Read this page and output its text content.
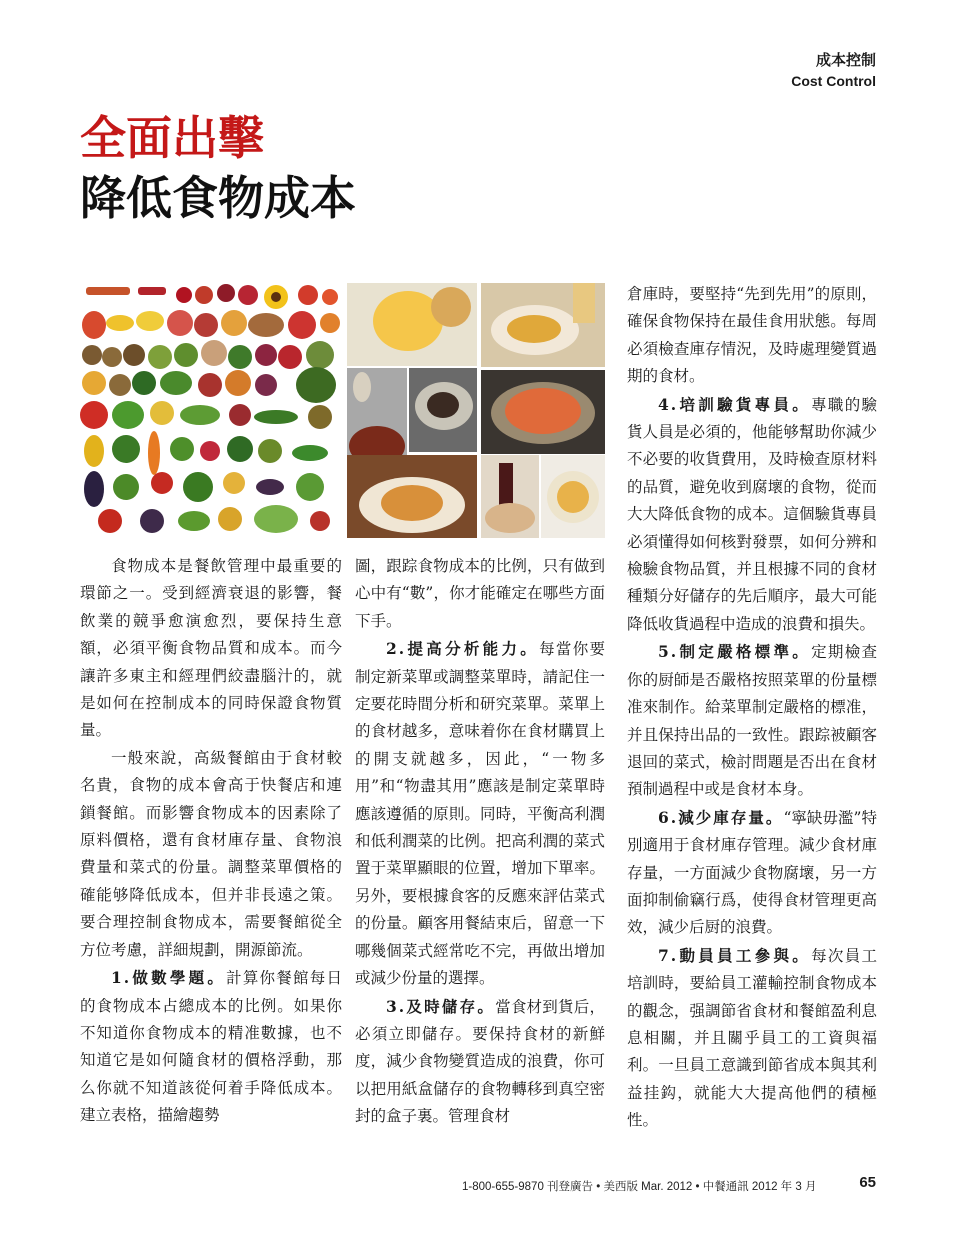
成本控制
Cost Control
全面出擊
降低食物成本

食物成本是餐飲管理中最重要的環節之一。受到經濟衰退的影響，餐飲業的競爭愈演愈烈，要保持生意額，必須平衡食物品質和成本。而今讓許多東主和經理們絞盡腦汁的，就是如何在控制成本的同時保證食物質量。

一般來說，高級餐館由于食材較名貴，食物的成本會高于快餐店和連鎖餐館。而影響食物成本的因素除了原料價格，還有食材庫存量、食物浪費量和菜式的份量。調整菜單價格的確能够降低成本，但并非長遠之策。要合理控制食物成本，需要餐館從全方位考慮，詳細規劃，開源節流。

1.做數學題。計算你餐館每日的食物成本占總成本的比例。如果你不知道你食物成本的精准數據，也不知道它是如何隨食材的價格浮動，那么你就不知道該從何着手降低成本。建立表格，描繪趨勢

圖，跟踪食物成本的比例，只有做到心中有“數”，你才能確定在哪些方面下手。

2.提高分析能力。每當你要制定新菜單或調整菜單時，請記住一定要花時間分析和研究菜單。菜單上的食材越多，意味着你在食材購買上的開支就越多，因此，“一物多用”和“物盡其用”應該是制定菜單時應該遵循的原則。同時，平衡高利潤和低利潤菜的比例。把高利潤的菜式置于菜單顯眼的位置，增加下單率。另外，要根據食客的反應來評估菜式的份量。顧客用餐結束后，留意一下哪幾個菜式經常吃不完，再做出增加或減少份量的選擇。

3.及時儲存。當食材到貨后，必須立即儲存。要保持食材的新鮮度，減少食物變質造成的浪費，你可以把用紙盒儲存的食物轉移到真空密封的盒子裏。管理食材

倉庫時，要堅持“先到先用”的原則，確保食物保持在最佳食用狀態。每周必須檢查庫存情況，及時處理變質過期的食材。

4.培訓驗貨專員。專職的驗貨人員是必須的，他能够幫助你減少不必要的收貨費用，及時檢查原材料的品質，避免收到腐壞的食物，從而大大降低食物的成本。這個驗貨專員必須懂得如何核對發票，如何分辨和檢驗食物品質，并且根據不同的食材種類分好儲存的先后順序，最大可能降低收貨過程中造成的浪費和損失。

5.制定嚴格標準。定期檢查你的厨師是否嚴格按照菜單的份量標准來制作。給菜單制定嚴格的標准，并且保持出品的一致性。跟踪被顧客退回的菜式，檢討問題是否出在食材預制過程中或是食材本身。

6.減少庫存量。“寧缺毋濫”特別適用于食材庫存管理。減少食材庫存量，一方面減少食物腐壞，另一方面抑制偷竊行爲，使得食材管理更高效，減少后厨的浪費。

7.動員員工參與。每次員工培訓時，要給員工灌輸控制食物成本的觀念，强調節省食材和餐館盈利息息相關，并且關乎員工的工資與福利。一旦員工意識到節省成本與其利益挂鈎，就能大大提高他們的積極性。

1-800-655-9870 刊登廣告 • 美西版 Mar. 2012 • 中餐通訊 2012 年 3 月	65
